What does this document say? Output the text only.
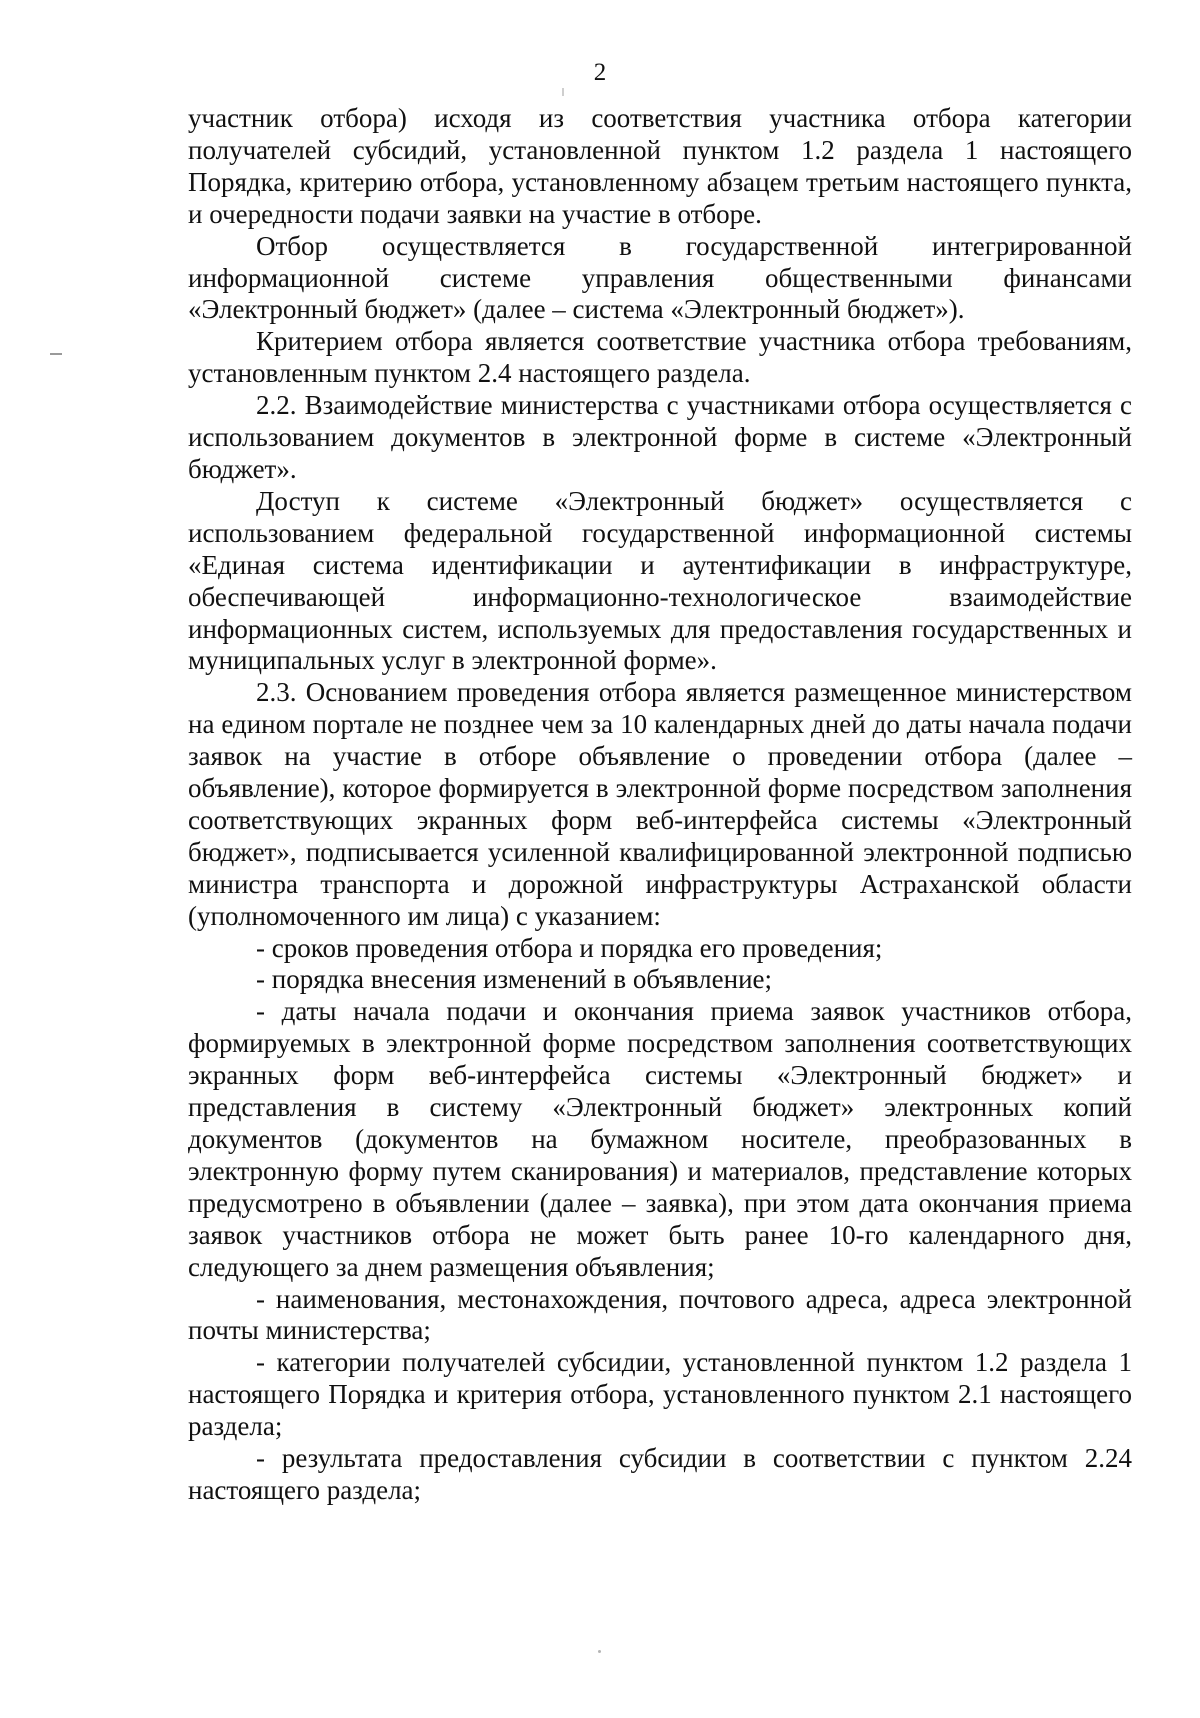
2

участник отбора) исходя из соответствия участника отбора категории получателей субсидий, установленной пунктом 1.2 раздела 1 настоящего Порядка, критерию отбора, установленному абзацем третьим настоящего пункта, и очередности подачи заявки на участие в отборе.

Отбор осуществляется в государственной интегрированной информационной системе управления общественными финансами «Электронный бюджет» (далее – система «Электронный бюджет»).

Критерием отбора является соответствие участника отбора требованиям, установленным пунктом 2.4 настоящего раздела.

2.2. Взаимодействие министерства с участниками отбора осуществляется с использованием документов в электронной форме в системе «Электронный бюджет».

Доступ к системе «Электронный бюджет» осуществляется с использованием федеральной государственной информационной системы «Единая система идентификации и аутентификации в инфраструктуре, обеспечивающей информационно-технологическое взаимодействие информационных систем, используемых для предоставления государственных и муниципальных услуг в электронной форме».

2.3. Основанием проведения отбора является размещенное министерством на едином портале не позднее чем за 10 календарных дней до даты начала подачи заявок на участие в отборе объявление о проведении отбора (далее – объявление), которое формируется в электронной форме посредством заполнения соответствующих экранных форм веб-интерфейса системы «Электронный бюджет», подписывается усиленной квалифицированной электронной подписью министра транспорта и дорожной инфраструктуры Астраханской области (уполномоченного им лица) с указанием:

- сроков проведения отбора и порядка его проведения;

- порядка внесения изменений в объявление;

- даты начала подачи и окончания приема заявок участников отбора, формируемых в электронной форме посредством заполнения соответствующих экранных форм веб-интерфейса системы «Электронный бюджет» и представления в систему «Электронный бюджет» электронных копий документов (документов на бумажном носителе, преобразованных в электронную форму путем сканирования) и материалов, представление которых предусмотрено в объявлении (далее – заявка), при этом дата окончания приема заявок участников отбора не может быть ранее 10-го календарного дня, следующего за днем размещения объявления;

- наименования, местонахождения, почтового адреса, адреса электронной почты министерства;

- категории получателей субсидии, установленной пунктом 1.2 раздела 1 настоящего Порядка и критерия отбора, установленного пунктом 2.1 настоящего раздела;

- результата предоставления субсидии в соответствии с пунктом 2.24 настоящего раздела;
